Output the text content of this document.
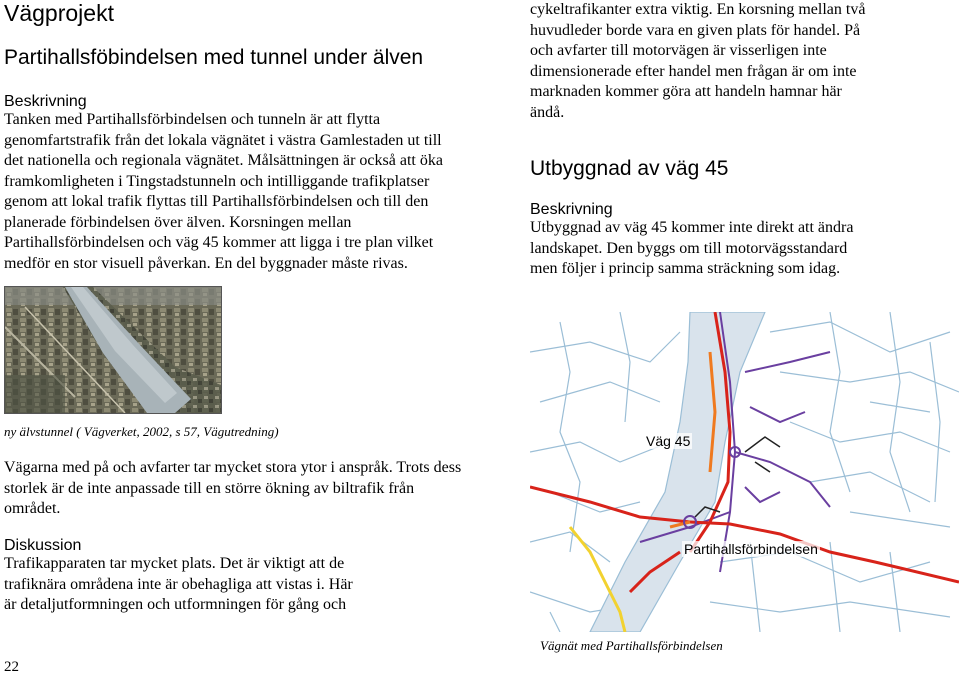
Vägprojekt
Partihallsföbindelsen med tunnel under älven
Beskrivning
Tanken med Partihallsförbindelsen och tunneln är att flytta
genomfartstrafik från det lokala vägnätet i västra Gamlestaden ut till
det nationella och regionala vägnätet. Målsättningen är också att öka
framkomligheten i Tingstadstunneln och intilliggande trafikplatser
genom att lokal trafik flyttas till Partihallsförbindelsen och till den
planerade förbindelsen över älven. Korsningen mellan
Partihallsförbindelsen och väg 45 kommer att ligga i tre plan vilket
medför en stor visuell påverkan. En del byggnader måste rivas.
ny älvstunnel ( Vägverket, 2002, s 57, Vägutredning)
Vägarna med på och avfarter tar mycket stora ytor i anspråk. Trots dess
storlek är de inte anpassade till en större ökning av biltrafik från
området.
Diskussion
Trafikapparaten tar mycket plats. Det är viktigt att de
trafiknära områdena inte är obehagliga att vistas i. Här
är detaljutformningen och utformningen för gång och
22
cykeltrafikanter extra viktig. En korsning mellan två
huvudleder borde vara en given plats för handel. På
och avfarter till motorvägen är visserligen inte
dimensionerade efter handel men frågan är om inte
marknaden kommer göra att handeln hamnar här
ändå.
Utbyggnad av väg 45
Beskrivning
Utbyggnad av väg 45 kommer inte direkt att ändra
landskapet. Den byggs om till motorvägsstandard
men följer i princip samma sträckning som idag.
Väg 45
Partihallsförbindelsen
Vägnät med Partihallsförbindelsen
